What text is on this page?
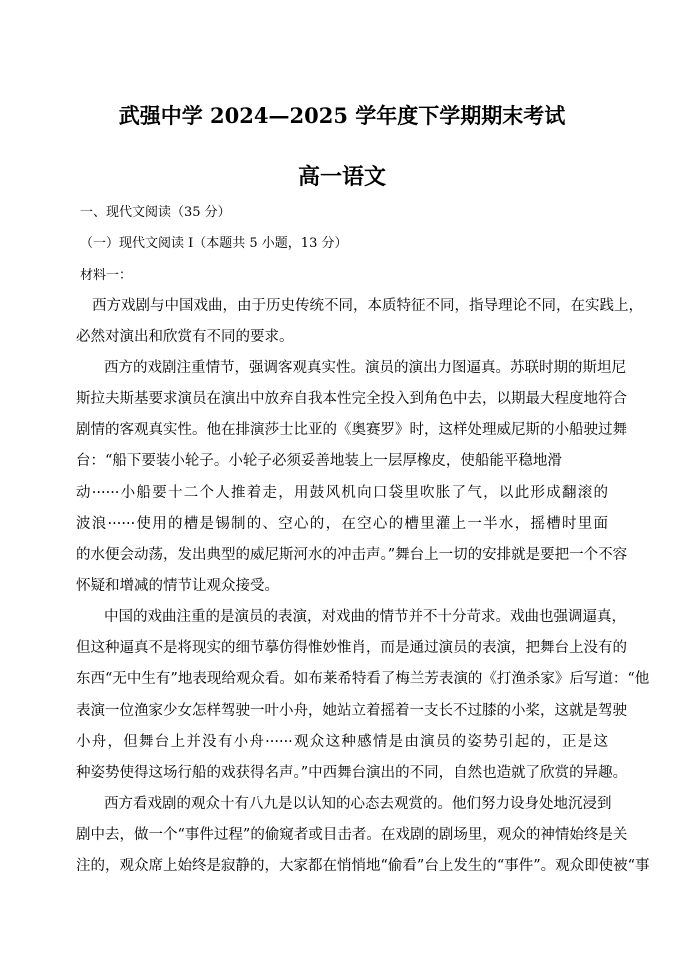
武强中学 2024—2025 学年度下学期期末考试
高一语文
一、现代文阅读（35 分）
（一）现代文阅读 I（本题共 5 小题，13 分）
材料一：
西方戏剧与中国戏曲，由于历史传统不同，本质特征不同，指导理论不同，在实践上，
必然对演出和欣赏有不同的要求。
西方的戏剧注重情节，强调客观真实性。演员的演出力图逼真。苏联时期的斯坦尼
斯拉夫斯基要求演员在演出中放弃自我本性完全投入到角色中去，以期最大程度地符合
剧情的客观真实性。他在排演莎士比亚的《奥赛罗》时，这样处理威尼斯的小船驶过舞
台：“船下要装小轮子。小轮子必须妥善地装上一层厚橡皮，使船能平稳地滑
动······小船要十二个人推着走，用鼓风机向口袋里吹胀了气，以此形成翻滚的
波浪······使用的槽是锡制的、空心的，在空心的槽里灌上一半水，摇槽时里面
的水便会动荡，发出典型的威尼斯河水的冲击声。”舞台上一切的安排就是要把一个不容
怀疑和增减的情节让观众接受。
中国的戏曲注重的是演员的表演，对戏曲的情节并不十分苛求。戏曲也强调逼真，
但这种逼真不是将现实的细节摹仿得惟妙惟肖，而是通过演员的表演，把舞台上没有的
东西“无中生有”地表现给观众看。如布莱希特看了梅兰芳表演的《打渔杀家》后写道：“他
表演一位渔家少女怎样驾驶一叶小舟，她站立着摇着一支长不过膝的小桨，这就是驾驶
小舟，但舞台上并没有小舟······观众这种感情是由演员的姿势引起的，正是这
种姿势使得这场行船的戏获得名声。”中西舞台演出的不同，自然也造就了欣赏的异趣。
西方看戏剧的观众十有八九是以认知的心态去观赏的。他们努力设身处地沉浸到
剧中去，做一个“事件过程”的偷窥者或目击者。在戏剧的剧场里，观众的神情始终是关
注的，观众席上始终是寂静的，大家都在悄悄地“偷看”台上发生的“事件”。观众即使被“事
